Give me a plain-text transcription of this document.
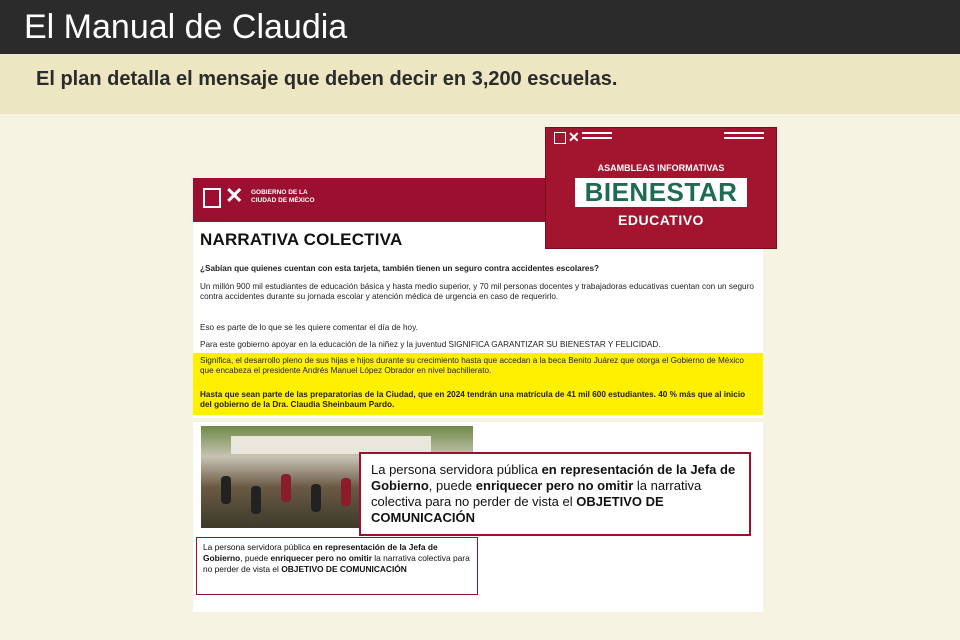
El Manual de Claudia
El plan detalla el mensaje que deben decir en 3,200 escuelas.
✕ GOBIERNO DE LA
CIUDAD DE MÉXICO
NARRATIVA COLECTIVA
¿Sabían que quienes cuentan con esta tarjeta, también tienen un seguro contra accidentes escolares?
Un millón 900 mil estudiantes de educación básica y hasta medio superior, y 70 mil personas docentes y trabajadoras educativas cuentan con un seguro contra accidentes durante su jornada escolar y atención médica de urgencia en caso de requerirlo.
Eso es parte de lo que se les quiere comentar el día de hoy.
Para este gobierno apoyar en la educación de la niñez y la juventud SIGNIFICA GARANTIZAR SU BIENESTAR Y FELICIDAD.
Significa, el desarrollo pleno de sus hijas e hijos durante su crecimiento hasta que accedan a la beca Benito Juárez que otorga el Gobierno de México que encabeza el presidente Andrés Manuel López Obrador en nivel bachillerato.
Hasta que sean parte de las preparatorias de la Ciudad, que en 2024 tendrán una matrícula de 41 mil 600 estudiantes. 40 % más que al inicio del gobierno de la Dra. Claudia Sheinbaum Pardo.
✕
ASAMBLEAS INFORMATIVAS
BIENESTAR
EDUCATIVO
La persona servidora pública en representación de la Jefa de Gobierno, puede enriquecer pero no omitir la narrativa colectiva para no perder de vista el OBJETIVO DE COMUNICACIÓN
La persona servidora pública en representación de la Jefa de Gobierno, puede enriquecer pero no omitir la narrativa colectiva para no perder de vista el OBJETIVO DE COMUNICACIÓN
